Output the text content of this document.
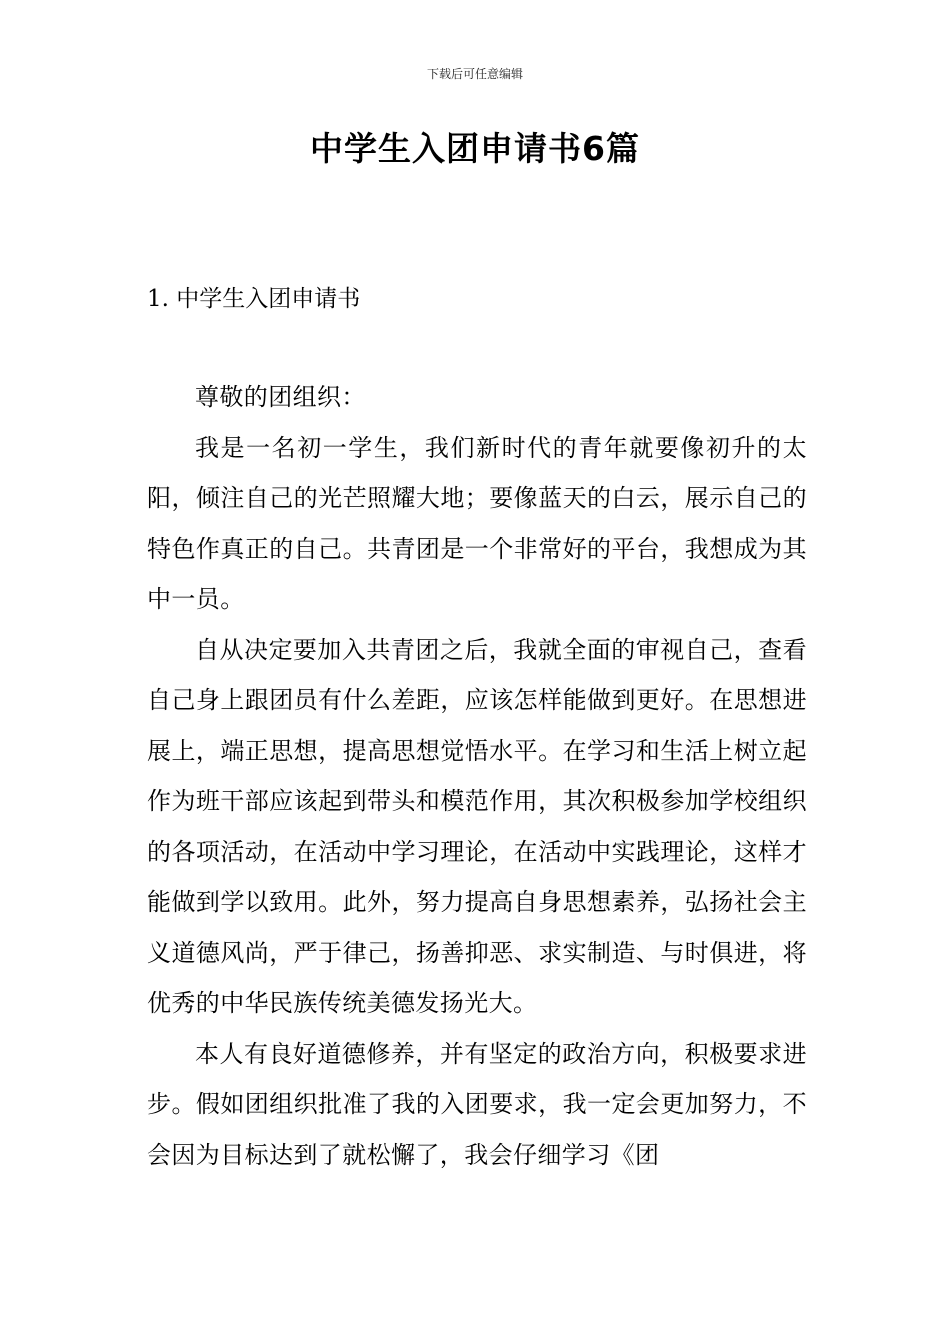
下载后可任意编辑
中学生入团申请书6篇
1. 中学生入团申请书

尊敬的团组织：

我是一名初一学生，我们新时代的青年就要像初升的太阳，倾注自己的光芒照耀大地；要像蓝天的白云，展示自己的特色作真正的自己。共青团是一个非常好的平台，我想成为其中一员。

自从决定要加入共青团之后，我就全面的审视自己，查看自己身上跟团员有什么差距，应该怎样能做到更好。在思想进展上，端正思想，提高思想觉悟水平。在学习和生活上树立起作为班干部应该起到带头和模范作用，其次积极参加学校组织的各项活动，在活动中学习理论，在活动中实践理论，这样才能做到学以致用。此外，努力提高自身思想素养，弘扬社会主义道德风尚，严于律己，扬善抑恶、求实制造、与时俱进，将优秀的中华民族传统美德发扬光大。

本人有良好道德修养，并有坚定的政治方向，积极要求进步。假如团组织批准了我的入团要求，我一定会更加努力，不会因为目标达到了就松懈了，我会仔细学习《团
